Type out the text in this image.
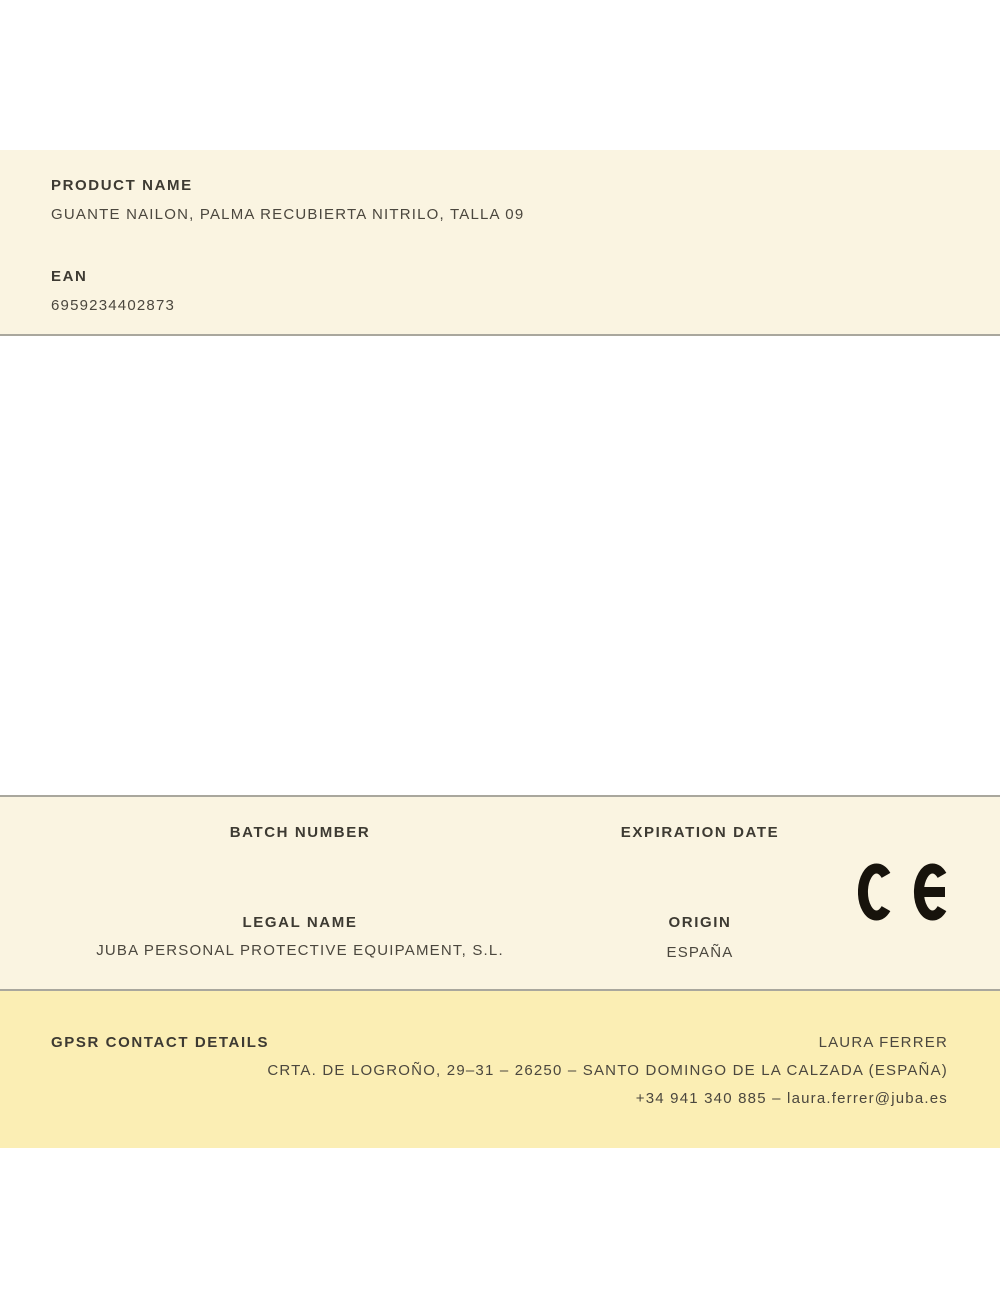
PRODUCT NAME
GUANTE NAILON, PALMA RECUBIERTA NITRILO, TALLA 09
EAN
6959234402873
BATCH NUMBER	EXPIRATION DATE
LEGAL NAME
JUBA PERSONAL PROTECTIVE EQUIPAMENT, S.L.
ORIGIN
ESPAÑA
GPSR CONTACT DETAILS	LAURA FERRER
CRTA. DE LOGROÑO, 29–31 – 26250 – SANTO DOMINGO DE LA CALZADA (ESPAÑA)
+34 941 340 885 – laura.ferrer@juba.es
